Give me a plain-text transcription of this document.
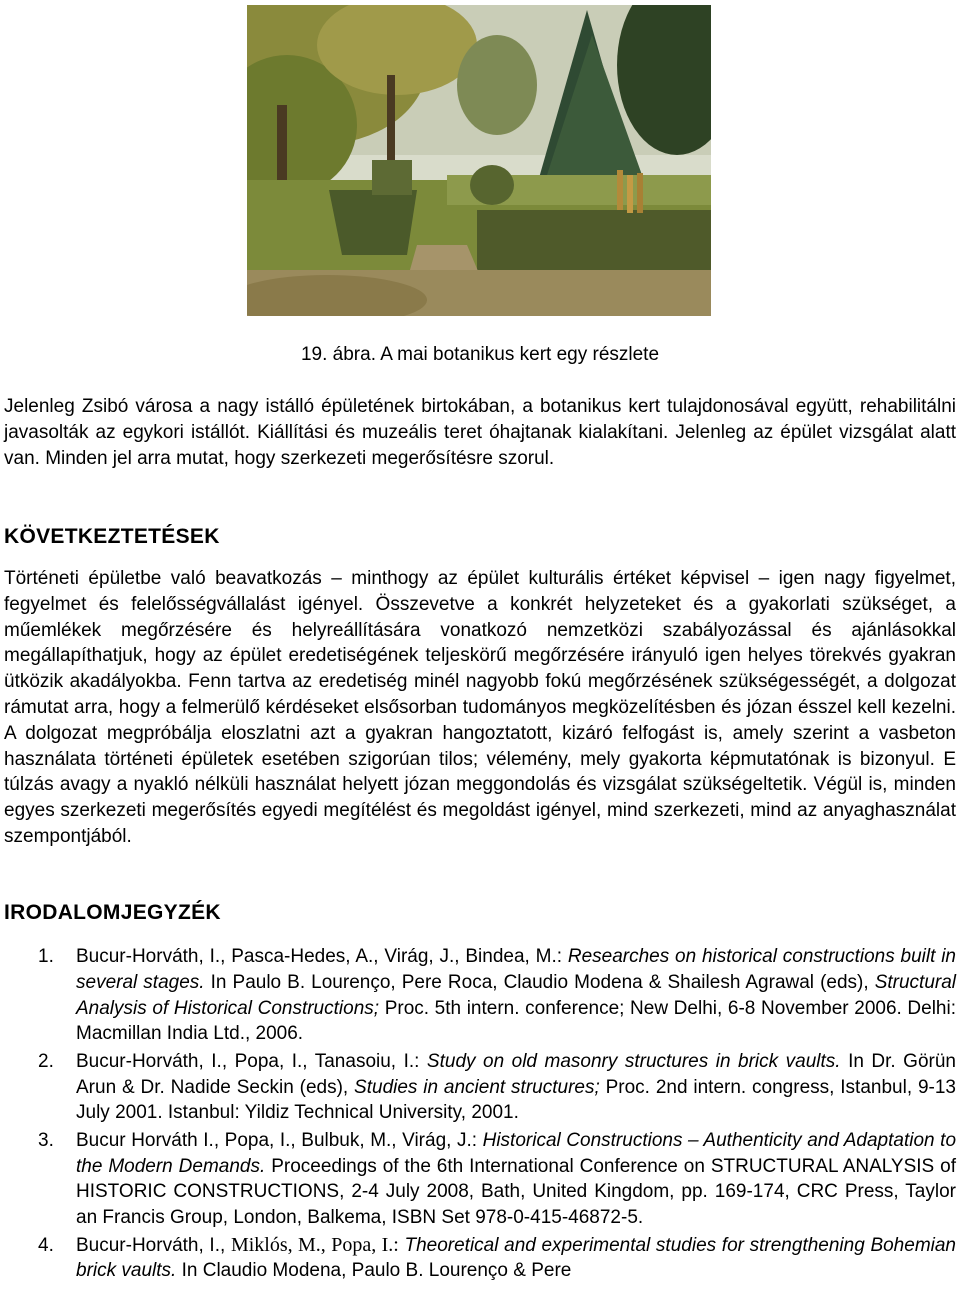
19. ábra. A mai botanikus kert egy részlete

Jelenleg Zsibó városa a nagy istálló épületének birtokában, a botanikus kert tulajdonosával együtt, rehabilitálni javasolták az egykori istállót. Kiállítási és muzeális teret óhajtanak kialakítani. Jelenleg az épület vizsgálat alatt van. Minden jel arra mutat, hogy szerkezeti megerősítésre szorul.

KÖVETKEZTETÉSEK

Történeti épületbe való beavatkozás ‒ minthogy az épület kulturális értéket képvisel ‒ igen nagy figyelmet, fegyelmet és felelősségvállalást igényel. Összevetve a konkrét helyzeteket és a gyakorlati szükséget, a műemlékek megőrzésére és helyreállítására vonatkozó nemzetközi szabályozással és ajánlásokkal megállapíthatjuk, hogy az épület eredetiségének teljeskörű megőrzésére irányuló igen helyes törekvés gyakran ütközik akadályokba. Fenn tartva az eredetiség minél nagyobb fokú megőrzésének szükségességét, a dolgozat rámutat arra, hogy a felmerülő kérdéseket elsősorban tudományos megközelítésben és józan ésszel kell kezelni. A dolgozat megpróbálja eloszlatni azt a gyakran hangoztatott, kizáró felfogást is, amely szerint a vasbeton használata történeti épületek esetében szigorúan tilos; vélemény, mely gyakorta képmutatónak is bizonyul. E túlzás avagy a nyakló nélküli használat helyett józan meggondolás és vizsgálat szükségeltetik. Végül is, minden egyes szerkezeti megerősítés egyedi megítélést és megoldást igényel, mind szerkezeti, mind az anyaghasználat szempontjából.

IRODALOMJEGYZÉK
1. Bucur-Horváth, I., Pasca-Hedes, A., Virág, J., Bindea, M.: Researches on historical constructions built in several stages. In Paulo B. Lourenço, Pere Roca, Claudio Modena & Shailesh Agrawal (eds), Structural Analysis of Historical Constructions; Proc. 5th intern. conference; New Delhi, 6-8 November 2006. Delhi: Macmillan India Ltd., 2006.
2. Bucur-Horváth, I., Popa, I., Tanasoiu, I.: Study on old masonry structures in brick vaults. In Dr. Görün Arun & Dr. Nadide Seckin (eds), Studies in ancient structures; Proc. 2nd intern. congress, Istanbul, 9-13 July 2001. Istanbul: Yildiz Technical University, 2001.
3. Bucur Horváth I., Popa, I., Bulbuk, M., Virág, J.: Historical Constructions ‒ Authenticity and Adaptation to the Modern Demands. Proceedings of the 6th International Conference on STRUCTURAL ANALYSIS of HISTORIC CONSTRUCTIONS, 2-4 July 2008, Bath, United Kingdom, pp. 169-174, CRC Press, Taylor an Francis Group, London, Balkema, ISBN Set 978-0-415-46872-5.
4. Bucur-Horváth, I., Miklós, M., Popa, I.: Theoretical and experimental studies for strengthening Bohemian brick vaults. In Claudio Modena, Paulo B. Lourenço & Pere
